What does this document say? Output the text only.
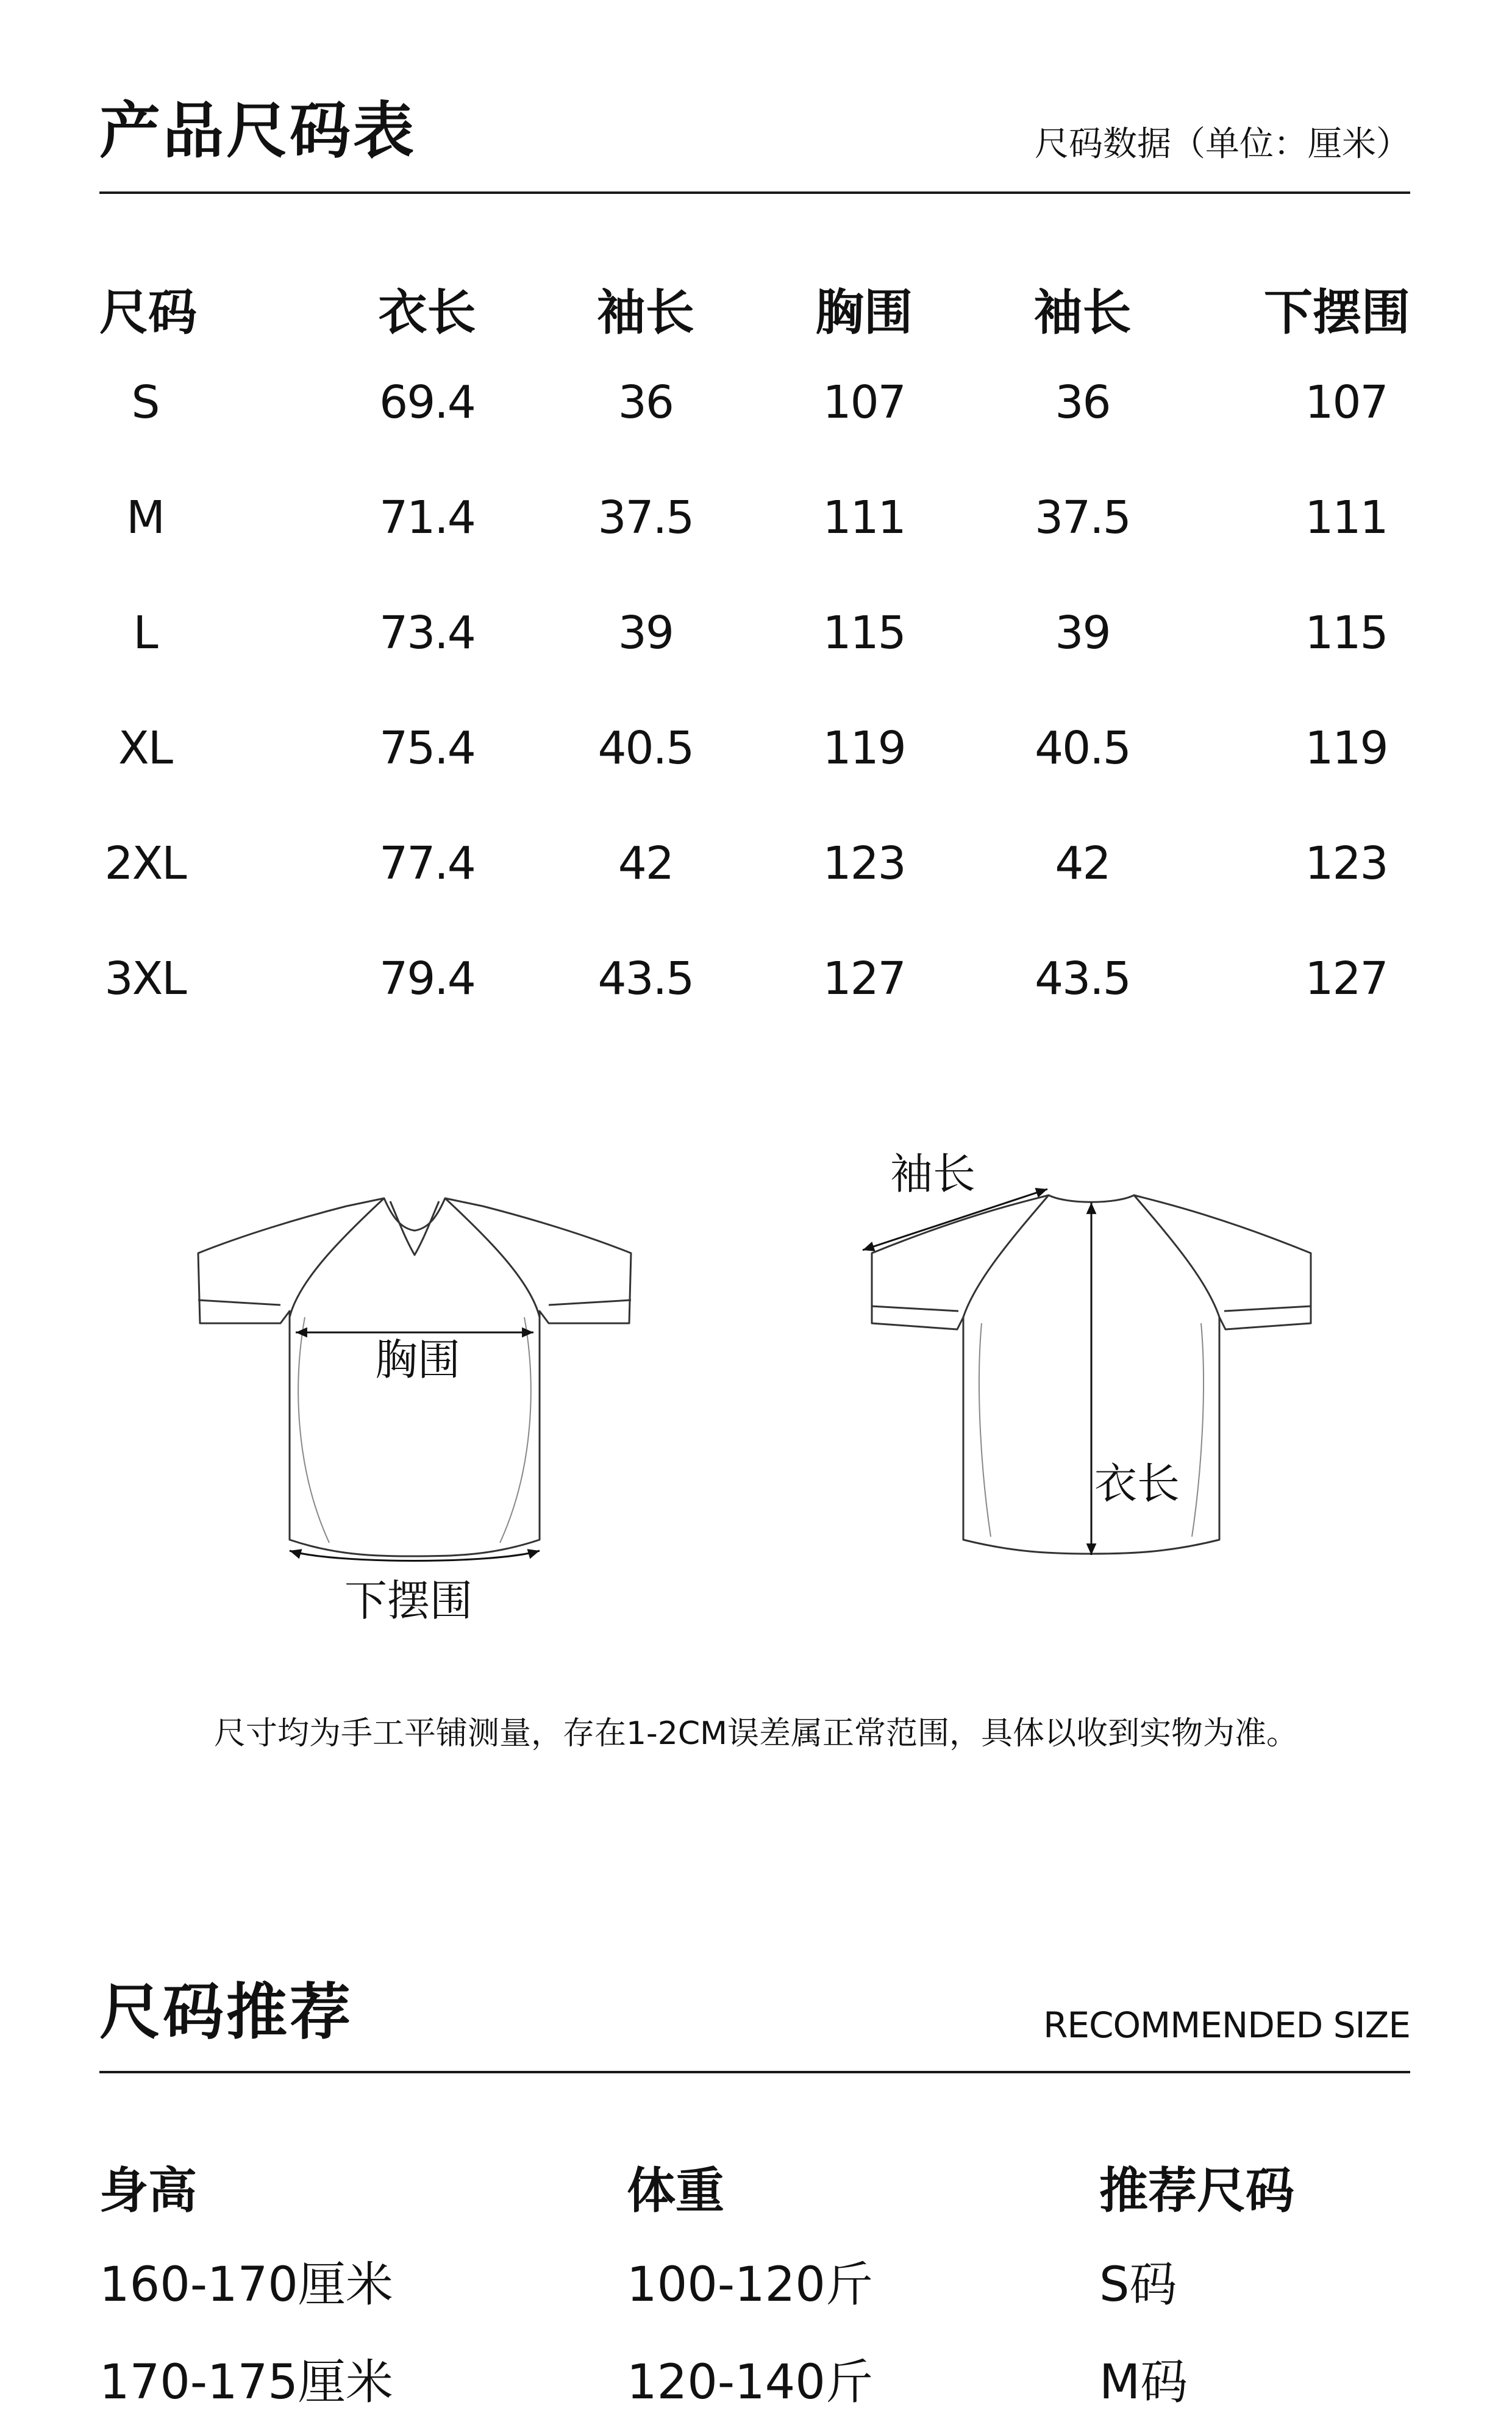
产品尺码表	尺码数据（单位：厘米）
尺码	衣长	袖长	胸围	袖长	下摆围
S	69.4	36	107	36	107
M	71.4	37.5	111	37.5	111
L	73.4	39	115	39	115
XL	75.4	40.5	119	40.5	119
2XL	77.4	42	123	42	123
3XL	79.4	43.5	127	43.5	127
胸围
下摆围
袖长
衣长
尺寸均为手工平铺测量，存在1-2CM误差属正常范围，具体以收到实物为准。
尺码推荐	RECOMMENDED SIZE
身高	体重	推荐尺码
160-170厘米	100-120斤	S码
170-175厘米	120-140斤	M码
